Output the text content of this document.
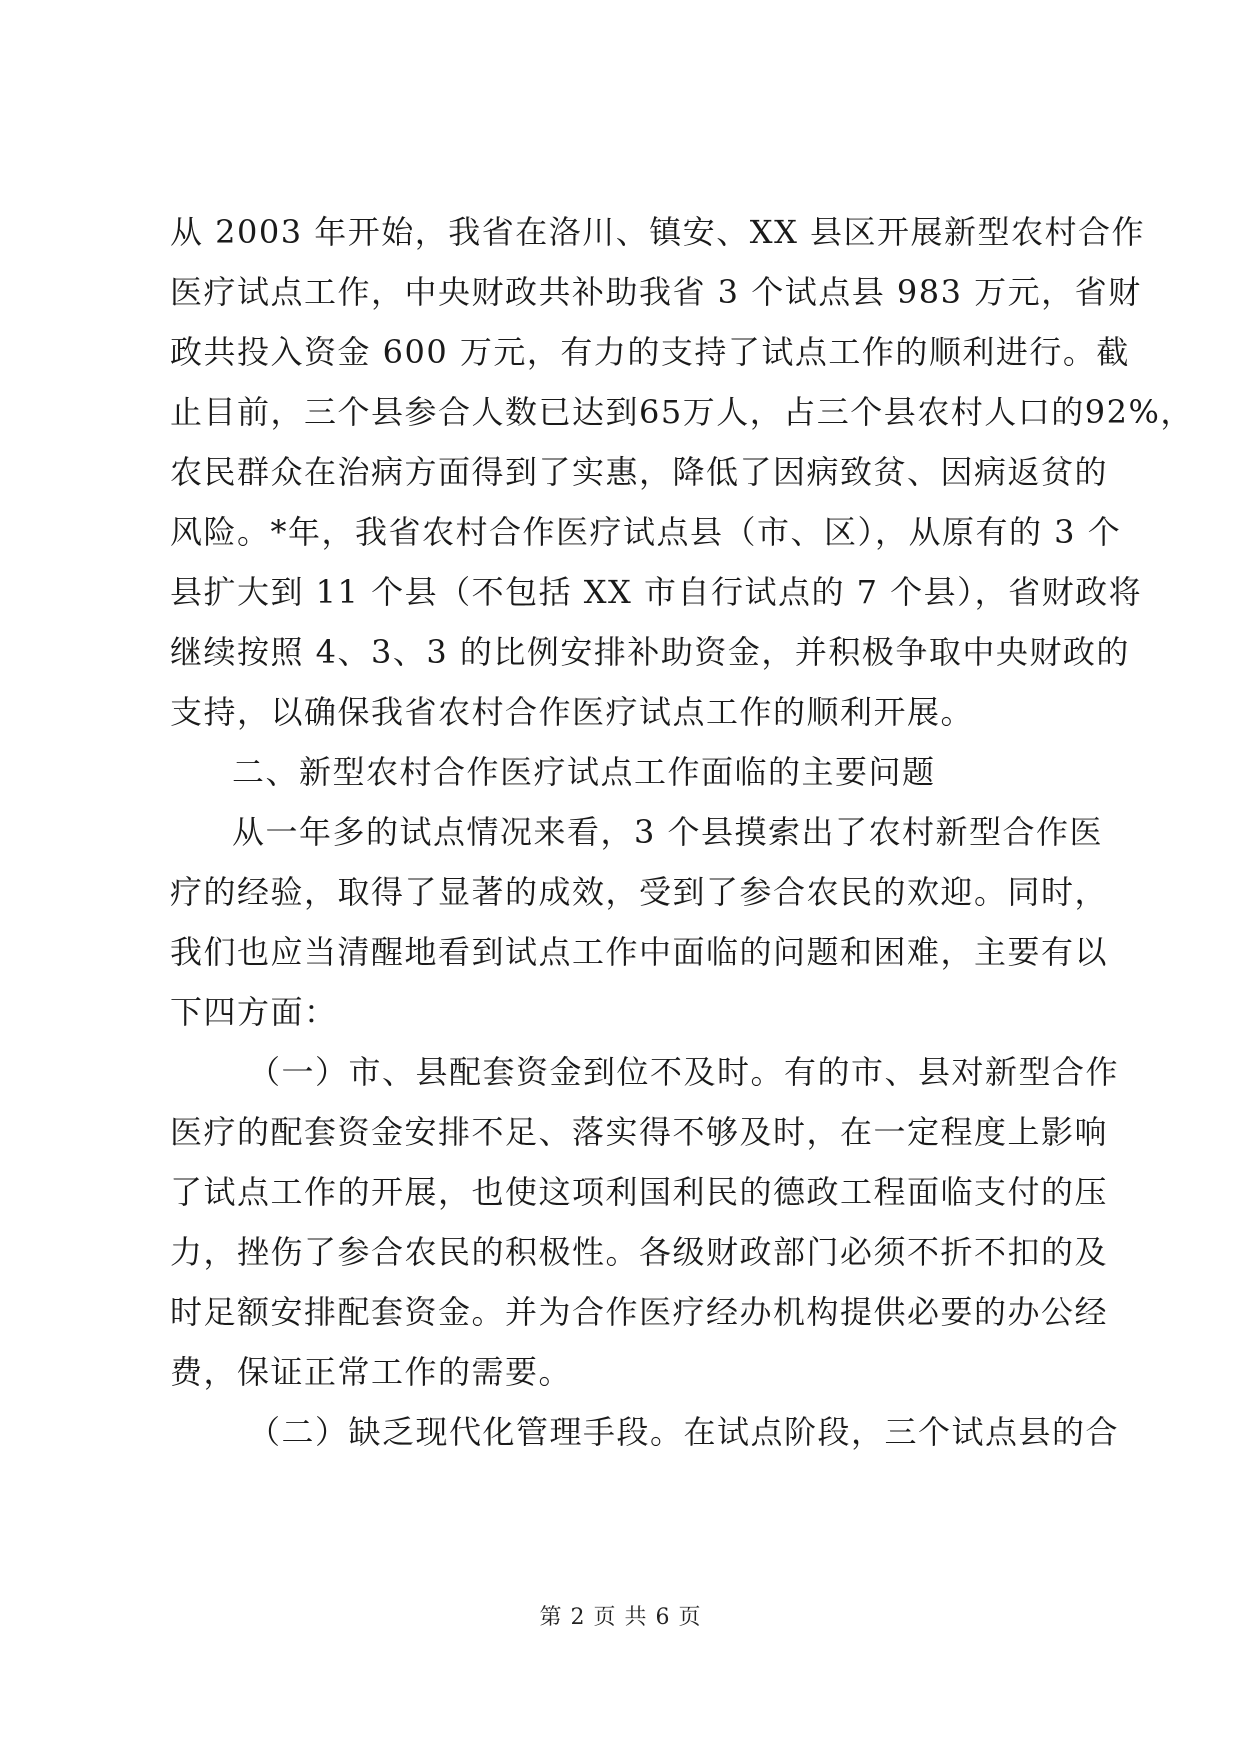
从 2003 年开始，我省在洛川、镇安、XX 县区开展新型农村合作
医疗试点工作，中央财政共补助我省 3 个试点县 983 万元，省财
政共投入资金 600 万元，有力的支持了试点工作的顺利进行。截
止目前，三个县参合人数已达到65万人，占三个县农村人口的92%，
农民群众在治病方面得到了实惠，降低了因病致贫、因病返贫的
风险。*年，我省农村合作医疗试点县（市、区），从原有的 3 个
县扩大到 11 个县（不包括 XX 市自行试点的 7 个县），省财政将
继续按照 4、3、3 的比例安排补助资金，并积极争取中央财政的
支持，以确保我省农村合作医疗试点工作的顺利开展。
二、新型农村合作医疗试点工作面临的主要问题
从一年多的试点情况来看，3 个县摸索出了农村新型合作医
疗的经验，取得了显著的成效，受到了参合农民的欢迎。同时，
我们也应当清醒地看到试点工作中面临的问题和困难，主要有以
下四方面：
（一）市、县配套资金到位不及时。有的市、县对新型合作
医疗的配套资金安排不足、落实得不够及时，在一定程度上影响
了试点工作的开展，也使这项利国利民的德政工程面临支付的压
力，挫伤了参合农民的积极性。各级财政部门必须不折不扣的及
时足额安排配套资金。并为合作医疗经办机构提供必要的办公经
费，保证正常工作的需要。
（二）缺乏现代化管理手段。在试点阶段，三个试点县的合
第 2 页 共 6 页
